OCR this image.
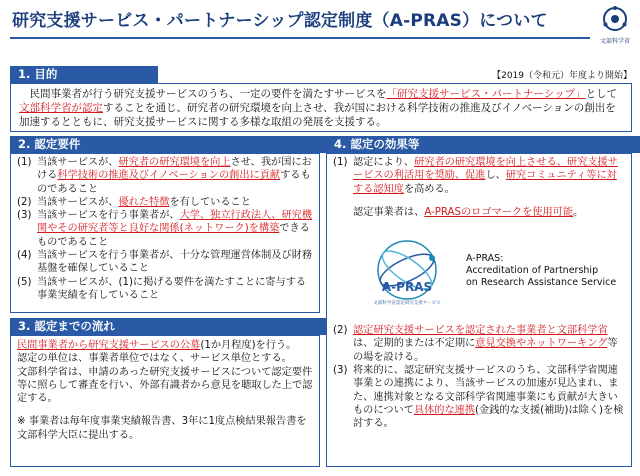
研究支援サービス・パートナーシップ認定制度（A-PRAS）について
文部科学省
1. 目的	【2019（令和元）年度より開始】

民間事業者が行う研究支援サービスのうち、一定の要件を満たすサービスを「研究支援サービス・パートナーシップ」として文部科学省が認定することを通じ、研究者の研究環境を向上させ、我が国における科学技術の推進及びイノベーションの創出を加速するとともに、研究支援サービスに関する多様な取組の発展を支援する。

2. 認定要件
(1) 当該サービスが、研究者の研究環境を向上させ、我が国における科学技術の推進及びイノベーションの創出に貢献するものであること
(2) 当該サービスが、優れた特徴を有していること
(3) 当該サービスを行う事業者が、大学、独立行政法人、研究機関やその研究者等と良好な関係(ネットワーク)を構築できるものであること
(4) 当該サービスを行う事業者が、十分な管理運営体制及び財務基盤を確保していること
(5) 当該サービスが、(1)に掲げる要件を満たすことに寄与する事業実績を有していること
3. 認定までの流れ

民間事業者から研究支援サービスの公募(1か月程度)を行う。

認定の単位は、事業者単位ではなく、サービス単位とする。

文部科学省は、申請のあった研究支援サービスについて認定要件等に照らして審査を行い、外部有識者から意見を聴取した上で認定する。

※ 事業者は毎年度事業実績報告書、3年に1度点検結果報告書を文部科学大臣に提出する。

4. 認定の効果等
(1) 認定により、研究者の研究環境を向上させる、研究支援サービスの利活用を奨励、促進し、研究コミュニティ等に対する認知度を高める。

認定事業者は、A-PRASのロゴマークを使用可能。

(2) 認定研究支援サービスを認定された事業者と文部科学省は、定期的または不定期に意見交換やネットワーキング等の場を設ける。
(3) 将来的に、認定研究支援サービスのうち、文部科学省関連事業との連携により、当該サービスの加速が見込まれ、また、連携対象となる文部科学省関連事業にも貢献が大きいものについて具体的な連携(金銭的な支援(補助)は除く)を検討する。
A-PRAS
文部科学省認定研究支援サービス
A-PRAS:
Accreditation of Partnership
on Research Assistance Service
